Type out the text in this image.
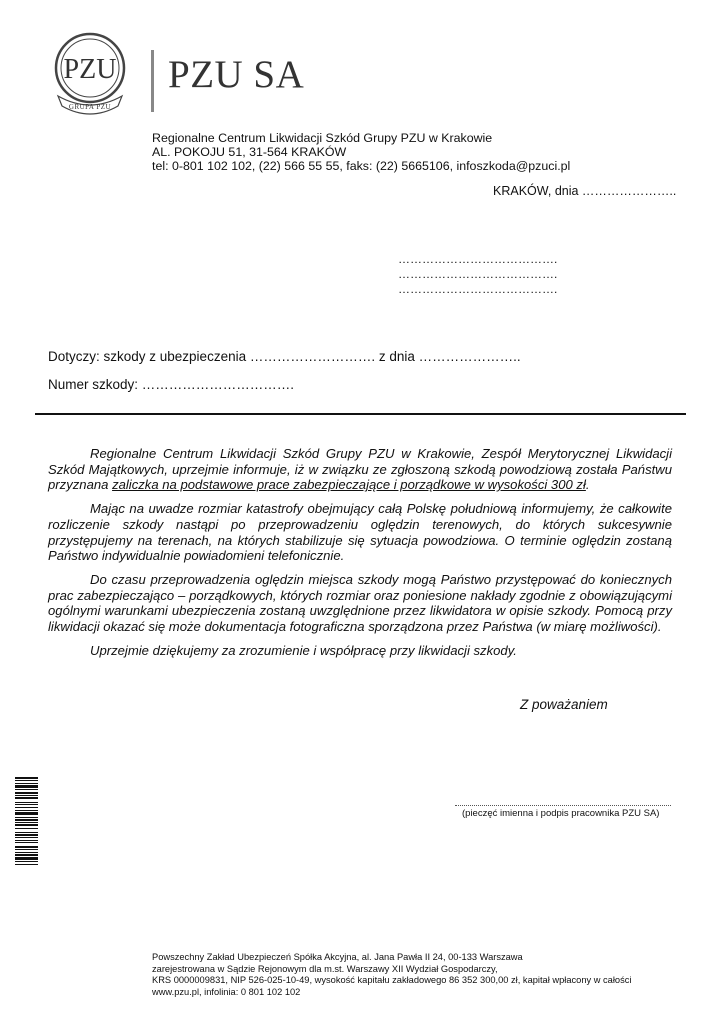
PZU
GRUPA PZU
PZU SA
Regionalne Centrum Likwidacji Szkód Grupy PZU w Krakowie
AL. POKOJU 51, 31-564 KRAKÓW
tel: 0-801 102 102, (22) 566 55 55, faks: (22) 5665106, infoszkoda@pzuci.pl
KRAKÓW, dnia …………………..
………………………………….
………………………………….
………………………………….
Dotyczy: szkody z ubezpieczenia ………………………. z dnia …………………..
Numer szkody: …………………………….

Regionalne Centrum Likwidacji Szkód Grupy PZU w Krakowie, Zespół Merytorycznej Likwidacji Szkód Majątkowych, uprzejmie informuje, iż w związku ze zgłoszoną szkodą powodziową została Państwu przyznana zaliczka na podstawowe prace zabezpieczające i porządkowe w wysokości 300 zł.

Mając na uwadze rozmiar katastrofy obejmujący całą Polskę południową informujemy, że całkowite rozliczenie szkody nastąpi po przeprowadzeniu oględzin terenowych, do których sukcesywnie przystępujemy na terenach, na których stabilizuje się sytuacja powodziowa. O terminie oględzin zostaną Państwo indywidualnie powiadomieni telefonicznie.

Do czasu przeprowadzenia oględzin miejsca szkody mogą Państwo przystępować do koniecznych prac zabezpieczająco – porządkowych, których rozmiar oraz poniesione nakłady zgodnie z obowiązującymi ogólnymi warunkami ubezpieczenia zostaną uwzględnione przez likwidatora w opisie szkody. Pomocą przy likwidacji okazać się może dokumentacja fotograficzna sporządzona przez Państwa (w miarę możliwości).

Uprzejmie dziękujemy za zrozumienie i współpracę przy likwidacji szkody.

Z poważaniem
(pieczęć imienna i podpis pracownika PZU SA)
Powszechny Zakład Ubezpieczeń Spółka Akcyjna, al. Jana Pawła II 24, 00-133 Warszawa
zarejestrowana w Sądzie Rejonowym dla m.st. Warszawy XII Wydział Gospodarczy,
KRS 0000009831, NIP 526-025-10-49, wysokość kapitału zakładowego 86 352 300,00 zł, kapitał wpłacony w całości
www.pzu.pl, infolinia: 0 801 102 102
